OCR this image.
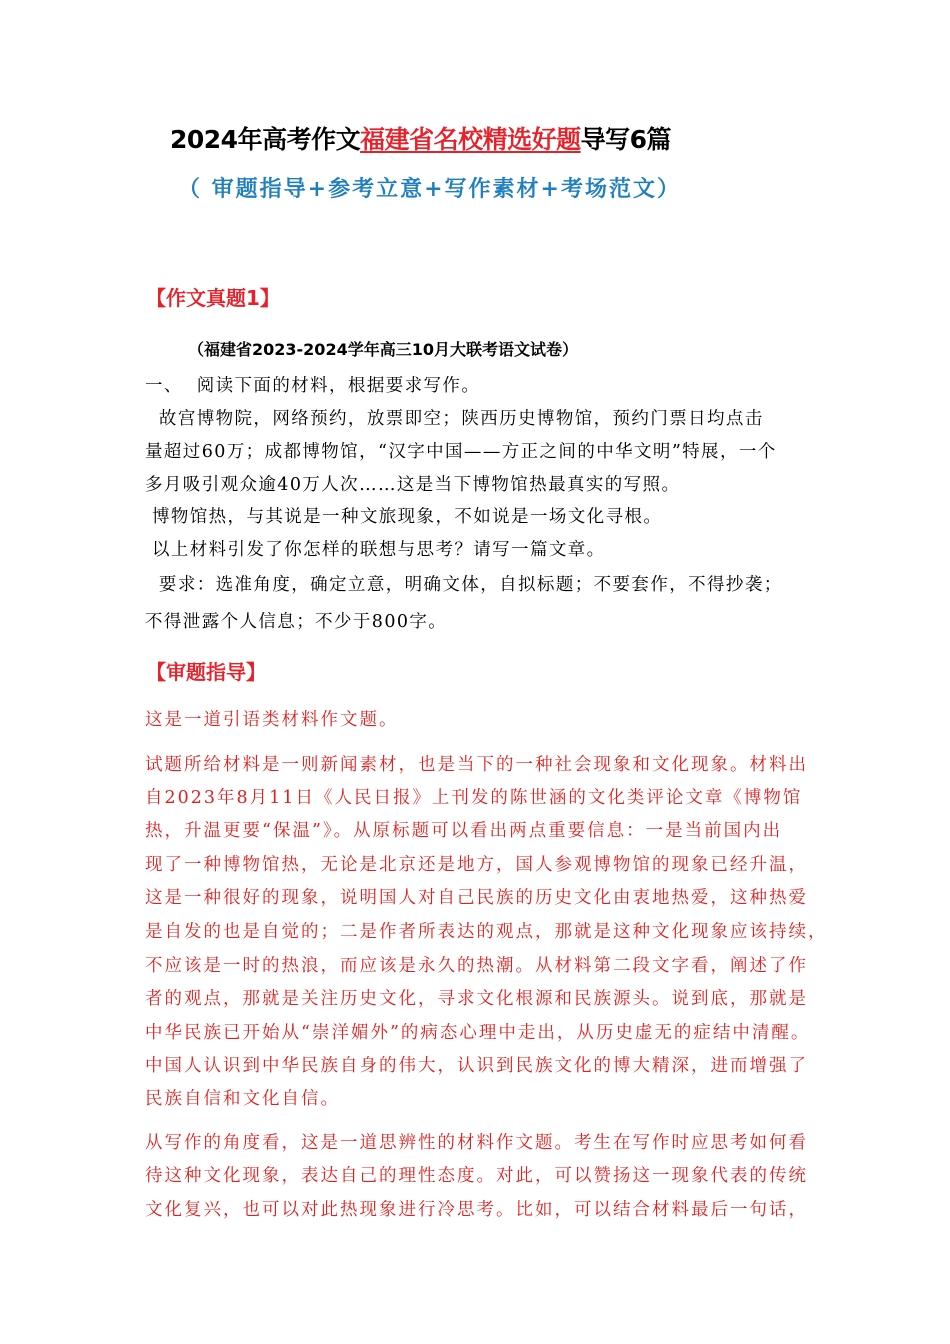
2024年高考作文福建省名校精选好题导写6篇
（ 审题指导+参考立意+写作素材+考场范文）
【作文真题1】
（福建省2023-2024学年高三10月大联考语文试卷）
一、  阅读下面的材料，根据要求写作。
故宫博物院，网络预约，放票即空；陕西历史博物馆，预约门票日均点击
量超过60万；成都博物馆，“汉字中国——方正之间的中华文明”特展，一个
多月吸引观众逾40万人次……这是当下博物馆热最真实的写照。
博物馆热，与其说是一种文旅现象，不如说是一场文化寻根。
以上材料引发了你怎样的联想与思考？请写一篇文章。
要求：选准角度，确定立意，明确文体，自拟标题；不要套作，不得抄袭；
不得泄露个人信息；不少于800字。
【审题指导】
这是一道引语类材料作文题。
试题所给材料是一则新闻素材，也是当下的一种社会现象和文化现象。材料出
自2023年8月11日《人民日报》上刊发的陈世涵的文化类评论文章《博物馆
热，升温更要“保温”》。从原标题可以看出两点重要信息：一是当前国内出
现了一种博物馆热，无论是北京还是地方，国人参观博物馆的现象已经升温，
这是一种很好的现象，说明国人对自己民族的历史文化由衷地热爱，这种热爱
是自发的也是自觉的；二是作者所表达的观点，那就是这种文化现象应该持续，
不应该是一时的热浪，而应该是永久的热潮。从材料第二段文字看，阐述了作
者的观点，那就是关注历史文化，寻求文化根源和民族源头。说到底，那就是
中华民族已开始从“崇洋媚外”的病态心理中走出，从历史虚无的症结中清醒。
中国人认识到中华民族自身的伟大，认识到民族文化的博大精深，进而增强了
民族自信和文化自信。
从写作的角度看，这是一道思辨性的材料作文题。考生在写作时应思考如何看
待这种文化现象，表达自己的理性态度。对此，可以赞扬这一现象代表的传统
文化复兴，也可以对此热现象进行冷思考。比如，可以结合材料最后一句话，
